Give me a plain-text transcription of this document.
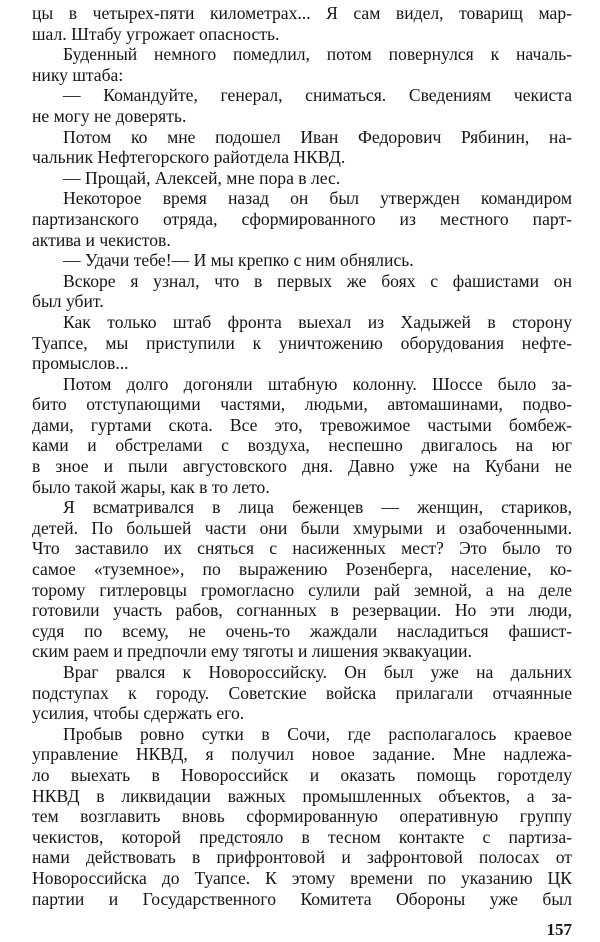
цы в четырех-пяти километрах... Я сам видел, товарищ мар-
шал. Штабу угрожает опасность.
Буденный немного помедлил, потом повернулся к началь-
нику штаба:
— Командуйте, генерал, сниматься. Сведениям чекиста
не могу не доверять.
Потом ко мне подошел Иван Федорович Рябинин, на-
чальник Нефтегорского райотдела НКВД.
— Прощай, Алексей, мне пора в лес.
Некоторое время назад он был утвержден командиром
партизанского отряда, сформированного из местного парт-
актива и чекистов.
— Удачи тебе!— И мы крепко с ним обнялись.
Вскоре я узнал, что в первых же боях с фашистами он
был убит.
Как только штаб фронта выехал из Хадыжей в сторону
Туапсе, мы приступили к уничтожению оборудования нефте-
промыслов...
Потом долго догоняли штабную колонну. Шоссе было за-
бито отступающими частями, людьми, автомашинами, подво-
дами, гуртами скота. Все это, тревожимое частыми бомбеж-
ками и обстрелами с воздуха, неспешно двигалось на юг
в зное и пыли августовского дня. Давно уже на Кубани не
было такой жары, как в то лето.
Я всматривался в лица беженцев — женщин, стариков,
детей. По большей части они были хмурыми и озабоченными.
Что заставило их сняться с насиженных мест? Это было то
самое «туземное», по выражению Розенберга, население, ко-
торому гитлеровцы громогласно сулили рай земной, а на деле
готовили участь рабов, согнанных в резервации. Но эти люди,
судя по всему, не очень-то жаждали насладиться фашист-
ским раем и предпочли ему тяготы и лишения эквакуации.
Враг рвался к Новороссийску. Он был уже на дальних
подступах к городу. Советские войска прилагали отчаянные
усилия, чтобы сдержать его.
Пробыв ровно сутки в Сочи, где располагалось краевое
управление НКВД, я получил новое задание. Мне надлежа-
ло выехать в Новороссийск и оказать помощь горотделу
НКВД в ликвидации важных промышленных объектов, а за-
тем возглавить вновь сформированную оперативную группу
чекистов, которой предстояло в тесном контакте с партиза-
нами действовать в прифронтовой и зафронтовой полосах от
Новороссийска до Туапсе. К этому времени по указанию ЦК
партии и Государственного Комитета Обороны уже был
157
